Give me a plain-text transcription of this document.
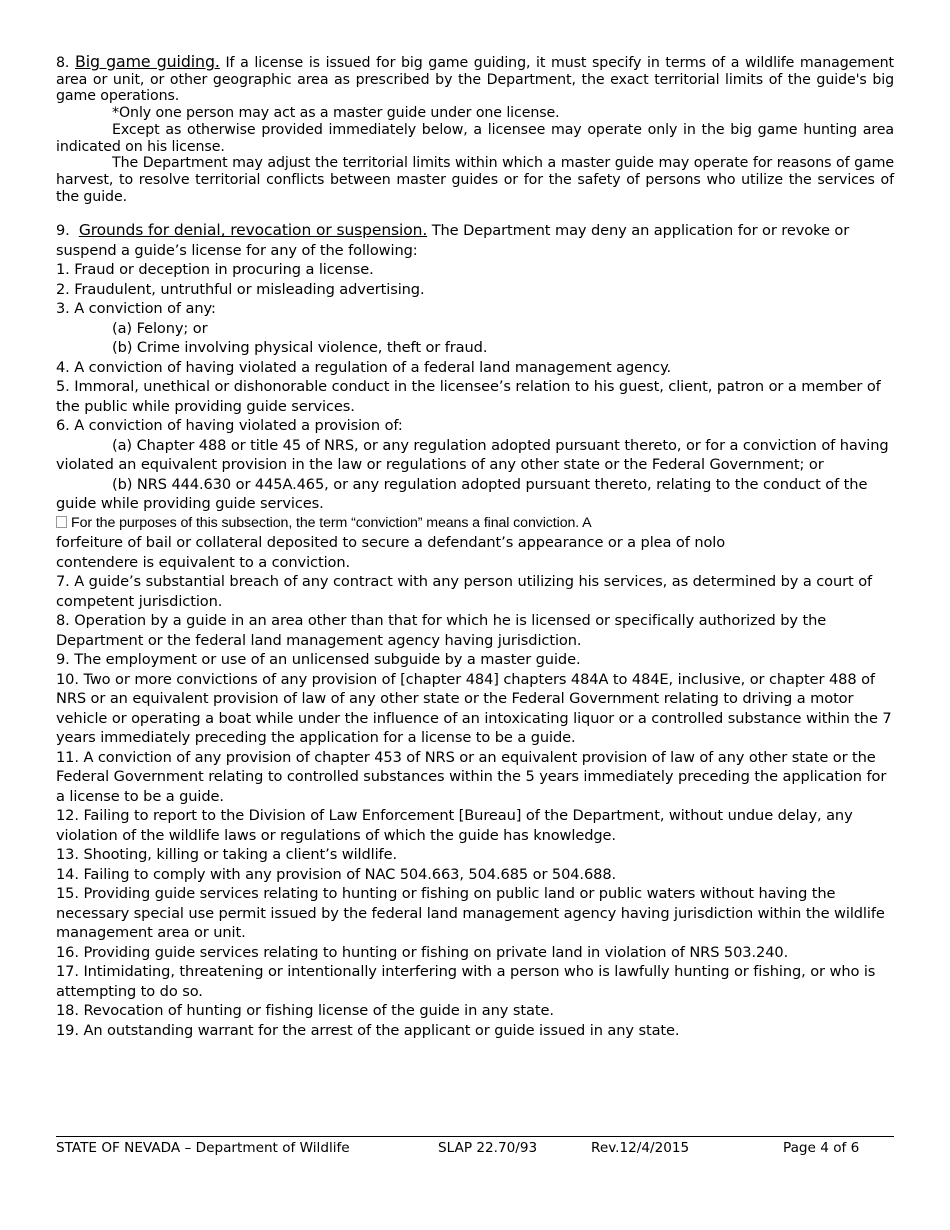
8. Big game guiding. If a license is issued for big game guiding, it must specify in terms of a wildlife management area or unit, or other geographic area as prescribed by the Department, the exact territorial limits of the guide's big game operations.

*Only one person may act as a master guide under one license.

Except as otherwise provided immediately below, a licensee may operate only in the big game hunting area indicated on his license.

The Department may adjust the territorial limits within which a master guide may operate for reasons of game harvest, to resolve territorial conflicts between master guides or for the safety of persons who utilize the services of the guide.

9. Grounds for denial, revocation or suspension. The Department may deny an application for or revoke or suspend a guide’s license for any of the following:

1. Fraud or deception in procuring a license.

2. Fraudulent, untruthful or misleading advertising.

3. A conviction of any:

(a) Felony; or

(b) Crime involving physical violence, theft or fraud.

4. A conviction of having violated a regulation of a federal land management agency.

5. Immoral, unethical or dishonorable conduct in the licensee’s relation to his guest, client, patron or a member of the public while providing guide services.

6. A conviction of having violated a provision of:

(a) Chapter 488 or title 45 of NRS, or any regulation adopted pursuant thereto, or for a conviction of having violated an equivalent provision in the law or regulations of any other state or the Federal Government; or

(b) NRS 444.630 or 445A.465, or any regulation adopted pursuant thereto, relating to the conduct of the guide while providing guide services.

For the purposes of this subsection, the term “conviction” means a final conviction. A

forfeiture of bail or collateral deposited to secure a defendant’s appearance or a plea of nolo

contendere is equivalent to a conviction.

7. A guide’s substantial breach of any contract with any person utilizing his services, as determined by a court of competent jurisdiction.

8. Operation by a guide in an area other than that for which he is licensed or specifically authorized by the Department or the federal land management agency having jurisdiction.

9. The employment or use of an unlicensed subguide by a master guide.

10. Two or more convictions of any provision of [chapter 484] chapters 484A to 484E, inclusive, or chapter 488 of NRS or an equivalent provision of law of any other state or the Federal Government relating to driving a motor vehicle or operating a boat while under the influence of an intoxicating liquor or a controlled substance within the 7 years immediately preceding the application for a license to be a guide.

11. A conviction of any provision of chapter 453 of NRS or an equivalent provision of law of any other state or the Federal Government relating to controlled substances within the 5 years immediately preceding the application for a license to be a guide.

12. Failing to report to the Division of Law Enforcement [Bureau] of the Department, without undue delay, any violation of the wildlife laws or regulations of which the guide has knowledge.

13. Shooting, killing or taking a client’s wildlife.

14. Failing to comply with any provision of NAC 504.663, 504.685 or 504.688.

15. Providing guide services relating to hunting or fishing on public land or public waters without having the necessary special use permit issued by the federal land management agency having jurisdiction within the wildlife management area or unit.

16. Providing guide services relating to hunting or fishing on private land in violation of NRS 503.240.

17. Intimidating, threatening or intentionally interfering with a person who is lawfully hunting or fishing, or who is attempting to do so.

18. Revocation of hunting or fishing license of the guide in any state.

19. An outstanding warrant for the arrest of the applicant or guide issued in any state.

STATE OF NEVADA – Department of Wildlife	SLAP 22.70/93	Rev.12/4/2015	Page 4 of 6
